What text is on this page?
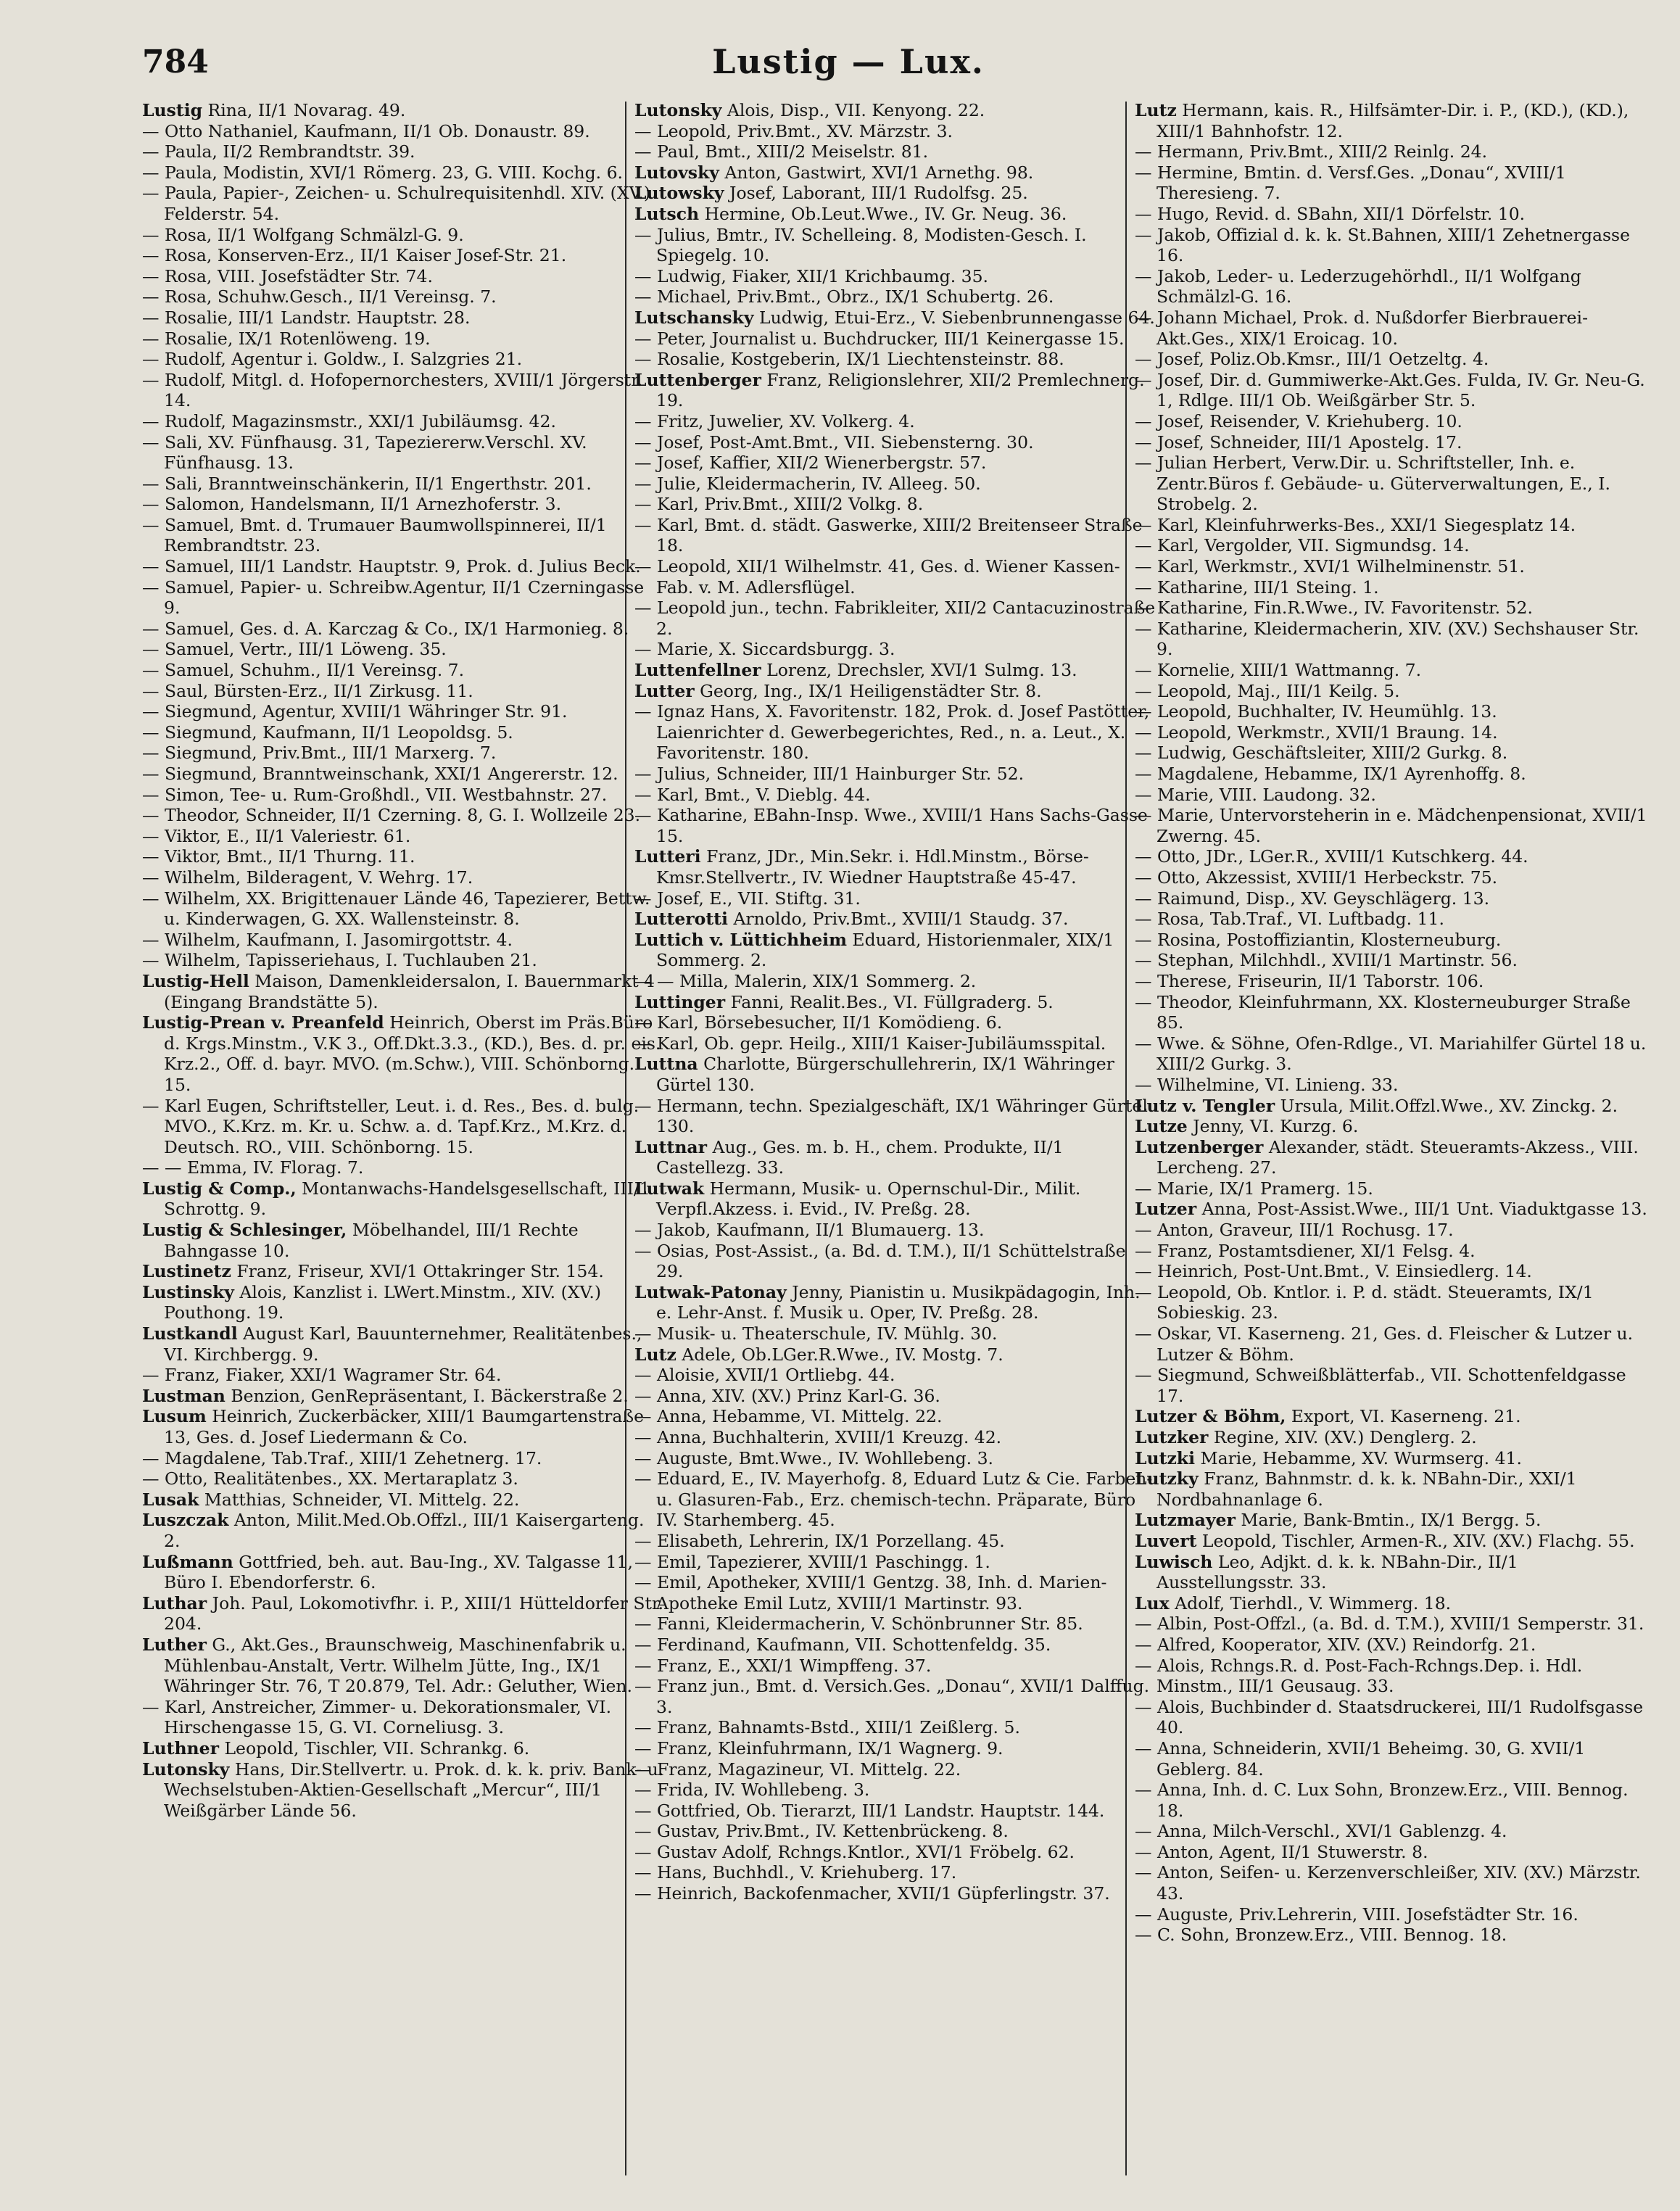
784	Lustig — Lux.
Lustig Rina, II/1 Novarag. 49.
— Otto Nathaniel, Kaufmann, II/1 Ob. Donaustr. 89.
— Paula, II/2 Rembrandtstr. 39.
— Paula, Modistin, XVI/1 Römerg. 23, G. VIII. Kochg. 6.
— Paula, Papier-, Zeichen- u. Schulrequisitenhdl. XIV. (XV.) Felderstr. 54.
— Rosa, II/1 Wolfgang Schmälzl-G. 9.
— Rosa, Konserven-Erz., II/1 Kaiser Josef-Str. 21.
— Rosa, VIII. Josefstädter Str. 74.
— Rosa, Schuhw.Gesch., II/1 Vereinsg. 7.
— Rosalie, III/1 Landstr. Hauptstr. 28.
— Rosalie, IX/1 Rotenlöweng. 19.
— Rudolf, Agentur i. Goldw., I. Salzgries 21.
— Rudolf, Mitgl. d. Hofopernorchesters, XVIII/1 Jörgerstr. 14.
— Rudolf, Magazinsmstr., XXI/1 Jubiläumsg. 42.
— Sali, XV. Fünfhausg. 31, Tapeziererw.Verschl. XV. Fünfhausg. 13.
— Sali, Branntweinschänkerin, II/1 Engerthstr. 201.
— Salomon, Handelsmann, II/1 Arnezhoferstr. 3.
— Samuel, Bmt. d. Trumauer Baumwollspinnerei, II/1 Rembrandtstr. 23.
— Samuel, III/1 Landstr. Hauptstr. 9, Prok. d. Julius Beck.
— Samuel, Papier- u. Schreibw.Agentur, II/1 Czerningasse 9.
— Samuel, Ges. d. A. Karczag & Co., IX/1 Harmonieg. 8.
— Samuel, Vertr., III/1 Löweng. 35.
— Samuel, Schuhm., II/1 Vereinsg. 7.
— Saul, Bürsten-Erz., II/1 Zirkusg. 11.
— Siegmund, Agentur, XVIII/1 Währinger Str. 91.
— Siegmund, Kaufmann, II/1 Leopoldsg. 5.
— Siegmund, Priv.Bmt., III/1 Marxerg. 7.
— Siegmund, Branntweinschank, XXI/1 Angererstr. 12.
— Simon, Tee- u. Rum-Großhdl., VII. Westbahnstr. 27.
— Theodor, Schneider, II/1 Czerning. 8, G. I. Wollzeile 23.
— Viktor, E., II/1 Valeriestr. 61.
— Viktor, Bmt., II/1 Thurng. 11.
— Wilhelm, Bilderagent, V. Wehrg. 17.
— Wilhelm, XX. Brigittenauer Lände 46, Tapezierer, Bettw. u. Kinderwagen, G. XX. Wallensteinstr. 8.
— Wilhelm, Kaufmann, I. Jasomirgottstr. 4.
— Wilhelm, Tapisseriehaus, I. Tuchlauben 21.
Lustig-Hell Maison, Damenkleidersalon, I. Bauernmarkt 4 (Eingang Brandstätte 5).
Lustig-Prean v. Preanfeld Heinrich, Oberst im Präs.Büro d. Krgs.Minstm., V.K 3., Off.Dkt.3.3., (KD.), Bes. d. pr. eis. Krz.2., Off. d. bayr. MVO. (m.Schw.), VIII. Schönborng. 15.
— Karl Eugen, Schriftsteller, Leut. i. d. Res., Bes. d. bulg. MVO., K.Krz. m. Kr. u. Schw. a. d. Tapf.Krz., M.Krz. d. Deutsch. RO., VIII. Schönborng. 15.
— — Emma, IV. Florag. 7.
Lustig & Comp., Montanwachs-Handelsgesellschaft, III/1 Schrottg. 9.
Lustig & Schlesinger, Möbelhandel, III/1 Rechte Bahngasse 10.
Lustinetz Franz, Friseur, XVI/1 Ottakringer Str. 154.
Lustinsky Alois, Kanzlist i. LWert.Minstm., XIV. (XV.) Pouthong. 19.
Lustkandl August Karl, Bauunternehmer, Realitätenbes., VI. Kirchbergg. 9.
— Franz, Fiaker, XXI/1 Wagramer Str. 64.
Lustman Benzion, GenRepräsentant, I. Bäckerstraße 2.
Lusum Heinrich, Zuckerbäcker, XIII/1 Baumgartenstraße 13, Ges. d. Josef Liedermann & Co.
— Magdalene, Tab.Traf., XIII/1 Zehetnerg. 17.
— Otto, Realitätenbes., XX. Mertaraplatz 3.
Lusak Matthias, Schneider, VI. Mittelg. 22.
Luszczak Anton, Milit.Med.Ob.Offzl., III/1 Kaisergarteng. 2.
Lußmann Gottfried, beh. aut. Bau-Ing., XV. Talgasse 11, Büro I. Ebendorferstr. 6.
Luthar Joh. Paul, Lokomotivfhr. i. P., XIII/1 Hütteldorfer Str. 204.
Luther G., Akt.Ges., Braunschweig, Maschinenfabrik u. Mühlenbau-Anstalt, Vertr. Wilhelm Jütte, Ing., IX/1 Währinger Str. 76, T 20.879, Tel. Adr.: Geluther, Wien.
— Karl, Anstreicher, Zimmer- u. Dekorationsmaler, VI. Hirschengasse 15, G. VI. Corneliusg. 3.
Luthner Leopold, Tischler, VII. Schrankg. 6.
Lutonsky Hans, Dir.Stellvertr. u. Prok. d. k. k. priv. Bank- u. Wechselstuben-Aktien-Gesellschaft „Mercur“, III/1 Weißgärber Lände 56.
Lutonsky Alois, Disp., VII. Kenyong. 22.
— Leopold, Priv.Bmt., XV. Märzstr. 3.
— Paul, Bmt., XIII/2 Meiselstr. 81.
Lutovsky Anton, Gastwirt, XVI/1 Arnethg. 98.
Lutowsky Josef, Laborant, III/1 Rudolfsg. 25.
Lutsch Hermine, Ob.Leut.Wwe., IV. Gr. Neug. 36.
— Julius, Bmtr., IV. Schelleing. 8, Modisten-Gesch. I. Spiegelg. 10.
— Ludwig, Fiaker, XII/1 Krichbaumg. 35.
— Michael, Priv.Bmt., Obrz., IX/1 Schubertg. 26.
Lutschansky Ludwig, Etui-Erz., V. Siebenbrunnengasse 64.
— Peter, Journalist u. Buchdrucker, III/1 Keinergasse 15.
— Rosalie, Kostgeberin, IX/1 Liechtensteinstr. 88.
Luttenberger Franz, Religionslehrer, XII/2 Premlechnerg. 19.
— Fritz, Juwelier, XV. Volkerg. 4.
— Josef, Post-Amt.Bmt., VII. Siebensterng. 30.
— Josef, Kaffier, XII/2 Wienerbergstr. 57.
— Julie, Kleidermacherin, IV. Alleeg. 50.
— Karl, Priv.Bmt., XIII/2 Volkg. 8.
— Karl, Bmt. d. städt. Gaswerke, XIII/2 Breitenseer Straße 18.
— Leopold, XII/1 Wilhelmstr. 41, Ges. d. Wiener Kassen-Fab. v. M. Adlersflügel.
— Leopold jun., techn. Fabrikleiter, XII/2 Cantacuzinostraße 2.
— Marie, X. Siccardsburgg. 3.
Luttenfellner Lorenz, Drechsler, XVI/1 Sulmg. 13.
Lutter Georg, Ing., IX/1 Heiligenstädter Str. 8.
— Ignaz Hans, X. Favoritenstr. 182, Prok. d. Josef Pastötter, Laienrichter d. Gewerbegerichtes, Red., n. a. Leut., X. Favoritenstr. 180.
— Julius, Schneider, III/1 Hainburger Str. 52.
— Karl, Bmt., V. Dieblg. 44.
— Katharine, EBahn-Insp. Wwe., XVIII/1 Hans Sachs-Gasse 15.
Lutteri Franz, JDr., Min.Sekr. i. Hdl.Minstm., Börse-Kmsr.Stellvertr., IV. Wiedner Hauptstraße 45-47.
— Josef, E., VII. Stiftg. 31.
Lutterotti Arnoldo, Priv.Bmt., XVIII/1 Staudg. 37.
Luttich v. Lüttichheim Eduard, Historienmaler, XIX/1 Sommerg. 2.
— — Milla, Malerin, XIX/1 Sommerg. 2.
Luttinger Fanni, Realit.Bes., VI. Füllgraderg. 5.
— Karl, Börsebesucher, II/1 Komödieng. 6.
— Karl, Ob. gepr. Heilg., XIII/1 Kaiser-Jubiläumsspital.
Luttna Charlotte, Bürgerschullehrerin, IX/1 Währinger Gürtel 130.
— Hermann, techn. Spezialgeschäft, IX/1 Währinger Gürtel 130.
Luttnar Aug., Ges. m. b. H., chem. Produkte, II/1 Castellezg. 33.
Lutwak Hermann, Musik- u. Opernschul-Dir., Milit. Verpfl.Akzess. i. Evid., IV. Preßg. 28.
— Jakob, Kaufmann, II/1 Blumauerg. 13.
— Osias, Post-Assist., (a. Bd. d. T.M.), II/1 Schüttelstraße 29.
Lutwak-Patonay Jenny, Pianistin u. Musikpädagogin, Inh. e. Lehr-Anst. f. Musik u. Oper, IV. Preßg. 28.
— Musik- u. Theaterschule, IV. Mühlg. 30.
Lutz Adele, Ob.LGer.R.Wwe., IV. Mostg. 7.
— Aloisie, XVII/1 Ortliebg. 44.
— Anna, XIV. (XV.) Prinz Karl-G. 36.
— Anna, Hebamme, VI. Mittelg. 22.
— Anna, Buchhalterin, XVIII/1 Kreuzg. 42.
— Auguste, Bmt.Wwe., IV. Wohllebeng. 3.
— Eduard, E., IV. Mayerhofg. 8, Eduard Lutz & Cie. Farben- u. Glasuren-Fab., Erz. chemisch-techn. Präparate, Büro IV. Starhemberg. 45.
— Elisabeth, Lehrerin, IX/1 Porzellang. 45.
— Emil, Tapezierer, XVIII/1 Paschingg. 1.
— Emil, Apotheker, XVIII/1 Gentzg. 38, Inh. d. Marien-Apotheke Emil Lutz, XVIII/1 Martinstr. 93.
— Fanni, Kleidermacherin, V. Schönbrunner Str. 85.
— Ferdinand, Kaufmann, VII. Schottenfeldg. 35.
— Franz, E., XXI/1 Wimpffeng. 37.
— Franz jun., Bmt. d. Versich.Ges. „Donau“, XVII/1 Dalffug. 3.
— Franz, Bahnamts-Bstd., XIII/1 Zeißlerg. 5.
— Franz, Kleinfuhrmann, IX/1 Wagnerg. 9.
— Franz, Magazineur, VI. Mittelg. 22.
— Frida, IV. Wohllebeng. 3.
— Gottfried, Ob. Tierarzt, III/1 Landstr. Hauptstr. 144.
— Gustav, Priv.Bmt., IV. Kettenbrückeng. 8.
— Gustav Adolf, Rchngs.Kntlor., XVI/1 Fröbelg. 62.
— Hans, Buchhdl., V. Kriehuberg. 17.
— Heinrich, Backofenmacher, XVII/1 Güpferlingstr. 37.
Lutz Hermann, kais. R., Hilfsämter-Dir. i. P., (KD.), (KD.), XIII/1 Bahnhofstr. 12.
— Hermann, Priv.Bmt., XIII/2 Reinlg. 24.
— Hermine, Bmtin. d. Versf.Ges. „Donau“, XVIII/1 Theresieng. 7.
— Hugo, Revid. d. SBahn, XII/1 Dörfelstr. 10.
— Jakob, Offizial d. k. k. St.Bahnen, XIII/1 Zehetnergasse 16.
— Jakob, Leder- u. Lederzugehörhdl., II/1 Wolfgang Schmälzl-G. 16.
— Johann Michael, Prok. d. Nußdorfer Bierbrauerei-Akt.Ges., XIX/1 Eroicag. 10.
— Josef, Poliz.Ob.Kmsr., III/1 Oetzeltg. 4.
— Josef, Dir. d. Gummiwerke-Akt.Ges. Fulda, IV. Gr. Neu-G. 1, Rdlge. III/1 Ob. Weißgärber Str. 5.
— Josef, Reisender, V. Kriehuberg. 10.
— Josef, Schneider, III/1 Apostelg. 17.
— Julian Herbert, Verw.Dir. u. Schriftsteller, Inh. e. Zentr.Büros f. Gebäude- u. Güterverwaltungen, E., I. Strobelg. 2.
— Karl, Kleinfuhrwerks-Bes., XXI/1 Siegesplatz 14.
— Karl, Vergolder, VII. Sigmundsg. 14.
— Karl, Werkmstr., XVI/1 Wilhelminenstr. 51.
— Katharine, III/1 Steing. 1.
— Katharine, Fin.R.Wwe., IV. Favoritenstr. 52.
— Katharine, Kleidermacherin, XIV. (XV.) Sechshauser Str. 9.
— Kornelie, XIII/1 Wattmanng. 7.
— Leopold, Maj., III/1 Keilg. 5.
— Leopold, Buchhalter, IV. Heumühlg. 13.
— Leopold, Werkmstr., XVII/1 Braung. 14.
— Ludwig, Geschäftsleiter, XIII/2 Gurkg. 8.
— Magdalene, Hebamme, IX/1 Ayrenhoffg. 8.
— Marie, VIII. Laudong. 32.
— Marie, Untervorsteherin in e. Mädchenpensionat, XVII/1 Zwerng. 45.
— Otto, JDr., LGer.R., XVIII/1 Kutschkerg. 44.
— Otto, Akzessist, XVIII/1 Herbeckstr. 75.
— Raimund, Disp., XV. Geyschlägerg. 13.
— Rosa, Tab.Traf., VI. Luftbadg. 11.
— Rosina, Postoffiziantin, Klosterneuburg.
— Stephan, Milchhdl., XVIII/1 Martinstr. 56.
— Therese, Friseurin, II/1 Taborstr. 106.
— Theodor, Kleinfuhrmann, XX. Klosterneuburger Straße 85.
— Wwe. & Söhne, Ofen-Rdlge., VI. Mariahilfer Gürtel 18 u. XIII/2 Gurkg. 3.
— Wilhelmine, VI. Linieng. 33.
Lutz v. Tengler Ursula, Milit.Offzl.Wwe., XV. Zinckg. 2.
Lutze Jenny, VI. Kurzg. 6.
Lutzenberger Alexander, städt. Steueramts-Akzess., VIII. Lercheng. 27.
— Marie, IX/1 Pramerg. 15.
Lutzer Anna, Post-Assist.Wwe., III/1 Unt. Viaduktgasse 13.
— Anton, Graveur, III/1 Rochusg. 17.
— Franz, Postamtsdiener, XI/1 Felsg. 4.
— Heinrich, Post-Unt.Bmt., V. Einsiedlerg. 14.
— Leopold, Ob. Kntlor. i. P. d. städt. Steueramts, IX/1 Sobieskig. 23.
— Oskar, VI. Kaserneng. 21, Ges. d. Fleischer & Lutzer u. Lutzer & Böhm.
— Siegmund, Schweißblätterfab., VII. Schottenfeldgasse 17.
Lutzer & Böhm, Export, VI. Kaserneng. 21.
Lutzker Regine, XIV. (XV.) Denglerg. 2.
Lutzki Marie, Hebamme, XV. Wurmserg. 41.
Lutzky Franz, Bahnmstr. d. k. k. NBahn-Dir., XXI/1 Nordbahnanlage 6.
Lutzmayer Marie, Bank-Bmtin., IX/1 Bergg. 5.
Luvert Leopold, Tischler, Armen-R., XIV. (XV.) Flachg. 55.
Luwisch Leo, Adjkt. d. k. k. NBahn-Dir., II/1 Ausstellungsstr. 33.
Lux Adolf, Tierhdl., V. Wimmerg. 18.
— Albin, Post-Offzl., (a. Bd. d. T.M.), XVIII/1 Semperstr. 31.
— Alfred, Kooperator, XIV. (XV.) Reindorfg. 21.
— Alois, Rchngs.R. d. Post-Fach-Rchngs.Dep. i. Hdl. Minstm., III/1 Geusaug. 33.
— Alois, Buchbinder d. Staatsdruckerei, III/1 Rudolfsgasse 40.
— Anna, Schneiderin, XVII/1 Beheimg. 30, G. XVII/1 Geblerg. 84.
— Anna, Inh. d. C. Lux Sohn, Bronzew.Erz., VIII. Bennog. 18.
— Anna, Milch-Verschl., XVI/1 Gablenzg. 4.
— Anton, Agent, II/1 Stuwerstr. 8.
— Anton, Seifen- u. Kerzenverschleißer, XIV. (XV.) Märzstr. 43.
— Auguste, Priv.Lehrerin, VIII. Josefstädter Str. 16.
— C. Sohn, Bronzew.Erz., VIII. Bennog. 18.
